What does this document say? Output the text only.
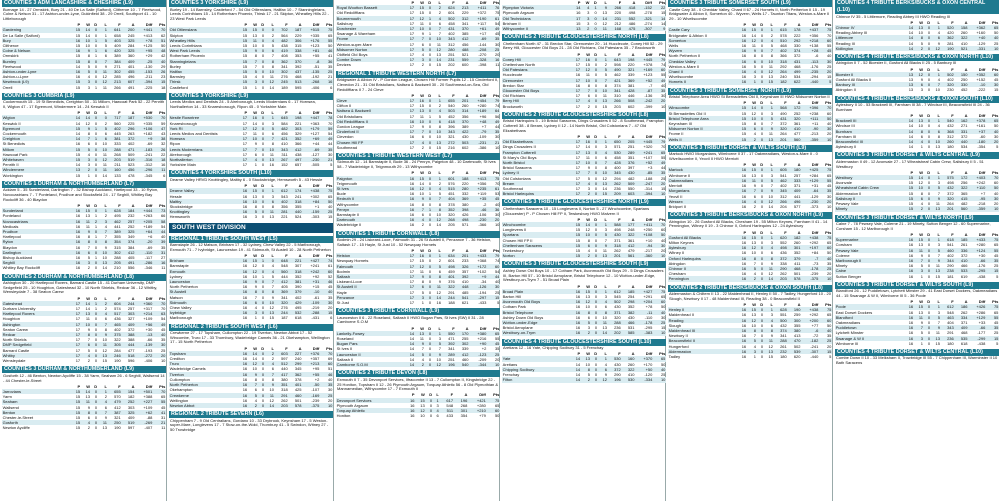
COUNTIES 3 ADM LANCASHIRE & CHESHIRE (L9)
Burnage 14 - 27 Ormskirk, Bury 21 - 40 De La Salle (Salford), Clitheroe 10 - 7 Fleetwood, Colne & Nelson 31 - 17 Ashton-under-Lyne, Dukinfield 38 - 29 Orrell, Southport 41 - 10 Littleborough
	P	W	D	L	F	A	Diff	Pts
Gardening	15	14	0	1	641	200	+441	70
De La Salle (Salford)	15	14	0	1	658	245	+413	62
Bury	16	10	1	5	403	325	+78	51
Clitheroe	15	10	0	5	409	284	+125	50
Colne & Nelson	16	9	1	6	420	325	+95	48
Ormskirk	15	8	1	6	389	360	+29	42
Burnley	15	8	0	7	384	409	-25	40
Fleetwood	14	5	0	9	271	401	-130	29
Ashton-under-Lyne	16	5	0	11	302	455	-153	26
Ashton-u-Lyne	16	4	0	12	285	496	-211	23
Newbrook (L9)	15	3	0	12	213	607	-394	15
Orrell	15	3	1	11	266	491	-225	18
COUNTIES 3 CUMBRIA (L9)
Cockermouth 15 - 19 St Benedicts, Creighton 50 - 31 Millom, Hawcoat Park 52 - 22 Penrith II, Wigton 47 - 17 Egremont, Windermere 14 - 24 Keswick II
	P	W	D	L	F	A	Diff	Pts
Wigton	14	14	0	0	717	187	+530	70
Keswick II	14	12	0	2	560	225	+335	59
Egremont	15	9	1	5	402	296	+106	47
Cockermouth	14	8	0	6	445	263	+182	43
Creighton	14	7	1	6	381	372	+9	38
St Benedicts	16	6	0	10	333	402	-69	32
Millom	15	5	0	10	288	471	-183	26
Hawcoat Park	15	4	0	11	268	509	-241	22
Whitehaven	15	3	0	12	203	519	-316	18
Penrith II	14	3	0	11	211	523	-312	16
Windermere	13	2	0	11	160	456	-296	11
Workington	15	1	0	14	133	478	-345	6
COUNTIES 1 DURHAM & NORTHUMBERLAND (L7)
Acklam 5 - 35 Sunderland, Darlington 7 - 32 Bishop Auckland, Hartlepool 33 - 10 Ryton, Novocastrians 7 - 7 Ponteland, Prudhoe and Stocksfield 24 - 17 Seghill, Whitley Bay Rockcliff 36 - 40 Blaydon
	P	W	D	L	F	A	Diff	Pts
Sunderland	16	15	0	1	628	184	+444	73
Ponteland	16	13	1	2	495	232	+263	66
Novocastrians	16	11	2	3	462	257	+205	58
Medicals	16	11	1	4	441	252	+189	54
Prudhoe	16	9	0	7	389	325	+64	44
Hartlepool	16	8	1	7	355	349	+6	40
Ryton	16	8	0	8	354	374	-20	39
Blaydon	16	7	0	9	315	384	-69	35
Darlington	16	6	0	10	302	412	-110	31
Bishop Auckland	16	5	1	10	288	405	-117	27
Seghill	16	3	0	13	205	491	-286	16
Whitley Bay Rockcliff	16	2	0	14	210	556	-346	11
COUNTIES 2 DURHAM & NORTHUMBERLAND (L8)
Ashington 30 - 20 Hartlepool Rovers, Barnard Castle 15 - 41 Durham University, DMP Sedgefield 25 - 10 Houghton, Gateshead 32 - 10 North Shields, Redcar 36 - 12 Whitby, Wensleydale 7 - 38 Seaton Carew
	P	W	D	L	F	A	Diff	Pts
Gateshead	17	14	1	2	604	244	+360	70
Durham University	17	14	1	2	574	257	+317	70
Hartlepool Rovers	17	13	0	4	517	303	+214	63
Houghton	17	11	0	6	436	327	+109	54
Ashington	17	10	0	7	465	409	+56	49
Seaton Carew	17	9	0	8	402	372	+30	45
Redcar	17	8	0	9	375	388	-13	40
North Shields	17	7	0	10	322	388	-66	35
DMP Sedgefield	17	6	0	11	305	444	-139	30
Barnard Castle	17	5	0	12	284	477	-193	25
Whitby	17	4	0	13	246	518	-272	20
Wensleydale	17	2	0	15	190	596	-406	10
COUNTIES 3 DURHAM & NORTHUMBERLAND (L9)
Gosforth 12 - 46 Benton, Newton Aycliffe 15 - 38 Yarm, Seaham 26 - 6 Seghill, Wallsend 14 - 44 Chester-le-Street
	P	W	D	L	F	A	Diff	Pts
Jarrovians	15	14	0	1	655	154	+501	70
Yarm	15	13	0	2	570	182	+388	65
Seaham	15	11	0	4	479	252	+227	55
Wallsend	15	9	0	6	412	303	+109	45
Benton	15	8	0	7	387	325	+62	41
Chester-le-Street	15	6	0	9	321	409	-88	31
Gosforth	15	4	0	11	250	519	-269	21
Newton Aycliffe	15	2	0	13	190	597	-407	11
COUNTIES 3 YORKSHIRE (L9)
Burley 19 - 14 Barnsley, Castleford 7 - 54 Old Otliensians, Hallfax 10 - 7 Stanningleians, Leeds Corinthians 15 - 14 Rotherham Phoenix, Thirsk 17 - 21 Skipton, Wheatley Hills 22 - 23 West Park Leeds
	P	W	D	L	F	A	Diff	Pts
Old Otliensians	15	15	0	0	702	187	+515	75
Skipton	15	13	0	2	564	229	+335	65
Wheatley Hills	15	11	0	4	482	306	+176	55
Leeds Corinthians	15	10	0	5	438	315	+123	50
West Park Leeds	15	9	0	6	419	338	+81	46
Rotherham Phoenix	15	8	0	7	408	353	+55	41
Stanningleians	15	7	0	8	362	370	-8	36
Burley	15	7	0	8	341	392	-51	35
Halifax	15	5	0	10	302	437	-135	25
Barnsley	15	4	0	11	276	468	-192	21
Thirsk	15	3	0	12	245	513	-268	16
Castleford	15	1	0	14	189	595	-406	6
COUNTIES 3 YORKSHIRE (L9)
Leeds Medics and Dentists 24 - 5 Aireborough, Leeds Modernians 6 - 17 Hornsea, Northallerton 14 - 33 Knaresborough, Ripon 45 - 0 Yorkshire Main
	P	W	D	L	F	A	Diff	Pts
Nestle Rowntree	17	16	0	1	645	198	+447	78
Knaresborough	17	14	0	3	584	221	+363	70
York RI	17	12	0	5	482	303	+179	59
Leeds Medics and Dentists	17	11	0	6	456	329	+127	54
Hornsea	17	10	0	7	421	352	+69	49
Ripon	17	9	0	8	410	366	+44	44
Leeds Modernians	17	7	0	10	343	412	-69	35
Aireborough	17	6	0	11	311	438	-127	30
Northallerton	17	4	0	13	267	497	-230	21
Yorkshire Main	17	1	0	16	152	657	-505	5
COUNTIES 4 YORKSHIRE SOUTH (L10)
Dearne Valley HRVD Knottingley, Maltby 6 - 0 Stocksbridge, Hemsworth 5 - 43 Hessle
	P	W	D	L	F	A	Diff	Pts
Dearne Valley	16	15	0	1	612	174	+438	75
Hessle	16	13	0	3	543	241	+302	65
Maltby	16	10	0	6	402	318	+84	50
Stocksbridge	16	8	0	8	356	355	+1	40
Knottingley	16	5	0	11	281	440	-159	25
Hemsworth	16	3	0	13	221	524	-303	15
SOUTH WEST DIVISION
REGIONAL 1 TRIBUTE SOUTH WEST (L5)
Barnstaple 26 - 12 Matson, Brixham 17 - 32 Lydney, Chew Valley 22 - 5 Marlborough, Exmouth 71 - 7 Ivybridge, Launceston 19 - 41 Sidmouth, St Austell 10 - 28 North Petherton
	P	W	D	L	F	A	Diff	Pts
Brixham	16	15	1	0	648	221	+427	74
Barnstaple	16	12	0	4	548	307	+241	61
Exmouth	16	12	0	4	560	318	+242	60
Lydney	16	10	1	5	444	352	+92	52
Launceston	16	9	0	7	412	381	+31	46
North Petherton	16	9	0	7	405	390	+15	45
St Austell	16	8	0	8	369	379	-10	40
Matson	16	7	0	9	341	402	-61	35
Sidmouth	16	6	0	10	320	429	-109	30
Chew Valley	16	4	0	12	276	495	-219	20
Ivybridge	16	3	0	13	244	532	-288	15
Marlborough	16	1	0	15	187	618	-431	6
REGIONAL 2 TRIBUTE SOUTH WEST (L6)
Crewkerne 27 - 17 Topsham, Cullompton 22 - 19 Tiverton, Newton Abbot 17 - 52 Wincombe, Truro 17 - 33 Thornbury, Wadebridge Camels 36 - 21 Okehampton, Wellington 17 - 15 North Petherton
	P	W	D	L	F	A	Diff	Pts
Topsham	16	14	0	2	603	227	+376	70
Crediton	16	14	0	2	597	240	+357	69
Truro	16	12	0	4	512	299	+213	60
Wadebridge Camels	16	10	0	6	440	345	+95	51
Tiverton	16	9	0	7	417	362	+55	46
Cullompton	16	8	0	8	380	378	+2	40
North Petherton	16	7	0	9	351	401	-50	35
Okehampton	16	6	0	10	318	425	-107	30
Crewkerne	16	5	0	11	291	460	-169	25
Wellington	16	4	0	12	262	501	-239	20
Newton Abbot	16	2	0	14	203	578	-375	10
REGIONAL 2 TRIBUTE SEVERN (L6)
Chippenham 7 - 9 Old Centralians, Gordano 10 - 33 Drybrook, Keynsham 17 - 5 Weston-super-Mare, Longlevens 17 - 7 Stow-on-the-Wold, Thornbury 41 - 5 Swindon, Witney 27 - 50 Trowbridge
	P	W	D	L	F	A	Diff	Pts
Royal Wootton Bassett	17	15	0	2	624	213	+411	76
Old Redcliffians	17	15	0	2	601	229	+372	75
Bournemouth	17	12	1	4	502	312	+190	61
Salisbury	17	11	0	6	458	341	+117	54
Dorchester	17	10	0	7	431	370	+61	49
Swanage & Wareham	17	9	1	7	402	385	+17	45
Frome	17	7	0	10	343	412	-69	35
Weston-super-Mare	17	6	0	11	312	456	-144	30
Midsomer Norton	17	5	0	12	280	488	-208	25
Oldfield Old Boys	17	4	0	13	251	521	-270	20
Combe Down	17	3	0	14	231	559	-328	16
Devizes	17	2	0	15	202	600	-398	11
REGIONAL 1 TRIBUTE WESTERN NORTH (L7)
Bridgwater & Albion IV - P Gordon League, Chosen Hill Former Pupils 12 - 15 Cinderford II, Clevedon 21 - 31 Old Bristolians, Nailsea & Backwell 30 - 20 Southmead-on-Sea, Old Redcliffians II 7 - 24 Cleve
	P	W	D	L	F	A	Diff	Pts
Cleve	17	16	0	1	655	201	+454	79
Clifton II	17	15	0	2	540	260	+280	74
Nailsea & Backwell	17	13	0	4	503	314	+189	64
Old Bristolians	17	11	1	5	452	356	+96	56
Old Redcliffians II	16	10	0	6	418	370	+48	49
Gordon League	17	9	0	8	396	389	+7	44
Cinderford II	17	7	0	10	343	422	-79	35
Clevedon	16	6	0	10	321	430	-109	30
Chosen Hill FP	17	4	0	13	272	503	-231	21
Southmead	17	2	0	15	216	602	-386	10
COUNTIES 1 TRIBUTE WESTERN WEST (L7)
Sidmouth 12 - 14 Barnstaple II, Bude 36 - 24 Penryn, Paignton 48 - 10 Dartmouth, St Ives 58 - 7 Wadebridge II, Teignmouth 29 - 13 Withycombe
	P	W	D	L	F	A	Diff	Pts
Paignton	16	15	0	1	601	188	+413	75
Teignmouth	16	14	0	2	576	220	+356	70
St Ives	16	12	0	4	515	280	+235	61
Bude	16	10	1	5	451	332	+119	53
Redruth II	16	9	0	7	404	369	+35	45
Withycombe	16	8	0	8	378	380	-2	40
Penryn	16	7	1	8	352	398	-46	36
Barnstaple II	16	6	0	10	320	426	-106	30
Dartmouth	16	4	0	12	268	498	-230	20
Wadebridge II	16	2	0	14	205	571	-366	10
COUNTIES 1 TRIBUTE CORNWALL (L8)
Bodmin 29 - 24 Liskeard-Looe, Falmouth 31 - 26 St Austell II, Penzance 7 - 36 Helston, Saltash 17 - 15 Hayle, St Just 10 - 52 Newquay Hornets
	P	W	D	L	F	A	Diff	Pts
Helston	17	16	0	1	634	201	+433	79
Newquay Hornets	17	15	0	2	601	233	+368	74
Falmouth	17	12	0	5	498	326	+172	60
Bodmin	17	11	0	6	459	357	+102	54
Saltash	17	9	0	8	401	392	+9	44
Liskeard-Looe	17	8	0	9	376	410	-34	40
St Austell II	17	6	0	11	322	448	-126	30
Hayle	17	5	0	12	291	485	-194	25
Penzance	17	3	0	14	244	541	-297	15
St Just	17	1	0	16	188	621	-433	5
COUNTIES 3 TRIBUTE CORNWALL (L9)
Launceston II 6 - 22 Roseland, Saltash II HWO Bugan Pars, St Ives (SW) II 31 - 28 Camborne S.O.M
	P	W	D	L	F	A	Diff	Pts
Lankelly-Fowey	14	13	0	1	550	170	+380	65
Roseland	14	11	0	3	471	255	+216	55
Bugan Pars	14	9	0	5	392	302	+90	45
St Ives II	14	7	0	7	341	339	+2	35
Launceston II	14	5	0	9	289	412	-123	25
Saltash II	14	4	0	10	251	460	-209	20
Camborne S.O.M	14	2	0	12	196	540	-344	10
COUNTIES 2 TRIBUTE DEVON (L8)
Exmouth II 7 - 35 Devonport Services, Ilfracombe II 13 - 7 Cullompton II, Kingsbridge 22 - 25 Honiton, Topsham II 12 - 26 Plymouth Argaum, Torquay Athletic 56 - 8 Old Plymothian & Mannamedian, Withycombe 17 - 7 Exmouth II
	P	W	D	L	F	A	Diff	Pts
Devonport Services	16	15	0	1	617	196	+421	75
Plymouth Argaum	16	13	0	3	548	268	+280	65
Torquay Athletic	16	12	0	4	511	301	+210	60
Honiton	16	10	0	6	433	354	+79	50
	P	W	D	L	F	A	Diff	Pts
Plympton Victoria	14	4	1	9	266	418	-152	22
Plymouth Argaum	16	3	0	13	220	498	-278	15
Old Technicians	17	3	0	14	231	552	-321	14
Brixham II	15	3	0	12	212	486	-274	14
Withycombe II	13	2	0	11	168	475	-307	9
COUNTIES 2 TRIBUTE GLOUCESTERSHIRE NORTH (L8)
Cheltenham North 47 - 31 Bredon Star, Cirencester 20 - 14 Hucclecote, Coney Hill 52 - 29 Berry Hill, Gloucester Old Boys 21 - 28 Old Richians, Old Patesians 35 - 7 Brockworth
	P	W	D	L	F	A	Diff	Pts
Coney Hill	17	16	0	1	643	198	+445	79
Cheltenham North	17	15	0	2	598	220	+378	74
Old Patesians	17	12	0	5	490	321	+169	60
Hucclecote	16	11	0	5	462	339	+123	55
Cirencester	17	10	0	7	421	369	+52	49
Bredon Star	16	8	0	8	374	381	-7	40
Gloucester Old Boys	17	7	0	10	341	428	-87	35
Old Richians	17	6	0	11	310	446	-136	30
Berry Hill	17	4	0	13	266	508	-242	20
Brockworth	17	2	0	15	203	602	-399	10
COUNTIES 2 TRIBUTE GLOUCESTERSHIRE SOUTH (L8)
Bristol Harlequins 5 - 19 Bristol Saracens, Dings Crusaders II 52 - 8 Southmead, Frampton Cotterell 38 - 8 Bream, Lydney II 12 - 14 North Bristol, Old Colstonians 7 - 47 Old Elizabethans
	P	W	D	L	F	A	Diff	Pts
Old Elizabethans	17	16	0	1	650	205	+445	79
Dings Crusaders II	17	14	0	3	571	251	+320	70
Frampton Cotterell	17	13	0	4	530	289	+241	65
St Mary's Old Boys	17	11	0	6	458	351	+107	55
North Bristol	17	10	0	7	428	376	+52	49
Bristol Saracens	17	9	0	8	400	397	+3	44
Lydney II	17	7	0	10	345	430	-85	35
Old Colstonians	17	5	0	12	294	482	-188	25
Bream	17	4	0	13	262	509	-247	20
Southmead	17	3	0	14	236	550	-314	15
Bristol Harlequins	17	2	0	15	209	603	-394	10
COUNTIES 3 TRIBUTE GLOUCESTERSHIRE NORTH (L9)
Cheltenham Saracens 10 - 15 Longlevens II, Norton 5 - 27 Winchcombe, Spartans (Gloucester) P - P Chosen Hill FP II, Tewkesbury HWO Malvern II
	P	W	D	L	F	A	Diff	Pts
Winchcombe	15	14	0	1	588	177	+411	70
Longlevens II	15	12	0	3	498	248	+250	60
Spartans	15	10	0	5	430	322	+108	50
Chosen Hill FP II	15	8	0	7	371	361	+10	40
Cheltenham Saracens	15	6	0	9	318	412	-94	30
Tewkesbury	15	4	0	11	262	479	-217	20
Norton	15	2	0	13	201	561	-360	10
COUNTIES 3 TRIBUTE GLOUCESTERSHIRE SOUTH (L9)
Ashley Down Old Boys 10 - 17 Cotham Park, Avonmouth Old Boys 29 - 5 Dings Crusaders III, Barton Hill 57 - 10 Bristol Aeroplane, Bristol Telephone 12 - 10 Wotton-under-Edge, Westbury-on-Trym 7 - 51 Broad Plain
	P	W	D	L	F	A	Diff	Pts
Broad Plain	16	15	0	1	612	185	+427	75
Barton Hill	16	13	0	3	545	254	+291	65
Avonmouth Old Boys	16	12	0	4	502	298	+204	60
Cotham Park	16	10	0	6	430	352	+78	50
Bristol Telephone	16	8	0	8	371	382	-11	40
Ashley Down Old Boys	16	6	0	10	320	430	-110	30
Wotton-under-Edge	16	5	0	11	288	466	-178	25
Bristol Aeroplane	16	3	0	13	236	531	-295	15
Westbury-on-Trym	16	2	0	14	202	585	-383	10
COUNTIES 4 TRIBUTE GLOUCESTERSHIRE SOUTH (L10)
Aretians 12 - 16 Yate, Chipping Sodbury 31 - 5 Frenchay
	P	W	D	L	F	A	Diff	Pts
Yate	14	13	0	1	530	160	+370	65
Aretians	14	10	0	4	430	260	+170	50
Chipping Sodbury	14	8	0	6	372	322	+50	40
Frenchay	14	5	0	9	290	410	-120	25
Filton	14	2	0	12	196	530	-334	10
COUNTIES 3 TRIBUTE SOMERSET SOUTH (L9)
Castle Cary 38 - 0 Cheddar Valley, Chard II 67 - 24 Hornets II, North Petherton II 15 - 19 Bridgwater & Albion II, Somerton 40 - Wyvern, Wells 17 - Taunton Titans, Weston-s-Mare II 29 - 10 Wiveliscombe
	P	W	D	L	F	A	Diff	Pts
Castle Cary	16	15	0	1	615	178	+437	75
Bridgwater & Albion II	16	14	0	2	578	222	+356	70
Somerton	16	12	0	4	510	292	+218	60
Wells	16	11	0	5	468	330	+138	55
Wyvern	16	9	0	7	402	374	+28	45
North Petherton II	16	8	0	8	366	372	-6	40
Cheddar Valley	16	6	0	10	318	431	-113	30
Weston-s-Mare II	16	5	0	11	292	468	-176	25
Chard II	16	4	0	12	264	499	-235	20
Wiveliscombe	16	3	0	13	240	534	-294	15
Hornets II	16	1	0	15	182	622	-440	5
COUNTIES 3 TRIBUTE SOMERSET NORTH (L9)
Bristol Telephone Area HWO St Bernadettes Old II, Keynsham III HWO Midsomer Norton II
	P	W	D	L	F	A	Diff	Pts
Winscombe	15	14	0	1	568	172	+396	70
St Bernadettes Old II	15	12	0	3	490	252	+238	60
Bristol Telephone Area	15	10	0	5	431	320	+111	50
Keynsham III	15	8	0	7	372	361	+11	40
Midsomer Norton II	15	6	0	9	320	410	-90	30
Frome II	15	4	0	11	264	477	-213	20
Wells II	15	2	0	13	201	560	-359	10
COUNTIES 3 TRIBUTE DORSET & WILTS SOUTH (L9)
Martock HWO Morganians, Wimborne II 37 - 17 Oakmeadians, Weston-s-Mare II - 0 Wiveliscombe II, Yeovil II HWO Merriott
	P	W	D	L	F	A	Diff	Pts
Martock	16	15	0	1	605	180	+425	75
Wimborne II	16	13	0	3	541	257	+284	65
Oakmeadians	16	11	0	5	462	333	+129	55
Merriott	16	9	0	7	402	371	+31	45
Morganians	16	7	0	9	345	409	-64	35
Yeovil II	16	6	0	10	312	441	-129	30
Wessex	16	4	0	12	266	496	-230	20
Bridport II	16	2	0	14	204	577	-373	10
COUNTIES 3 TRIBUTE BERKS/BUCKS & OXON NORTH (L9)
Abingdon 10 - 26 Gosford All Blacks, Chesham 19 - 55 Milton Keynes, Farnham II 41 - 14 Pennington, Witney II 19 - 3 Chinnor II, Oxford Harlequins 12 - 24 Aylesbury
	P	W	D	L	F	A	Diff	Pts
Gosford All Blacks	16	15	0	1	620	182	+438	75
Milton Keynes	16	13	0	3	552	260	+292	65
Aylesbury	16	12	0	4	498	301	+197	60
Witney II	16	10	0	6	436	352	+84	50
Oxford Harlequins	16	8	0	8	372	379	-7	40
Abingdon	16	7	0	9	338	411	-73	35
Chinnor II	16	5	0	11	290	468	-178	25
Chesham	16	4	0	12	262	501	-239	20
Pennington	16	2	0	14	203	578	-375	10
COUNTIES 2 TRIBUTE BERKS/BUCKS & OXON SOUTH (L8)
Aldermaston & Chiltern II 13 - 22 Maidenhead II, Henley II 50 - 7 Tadley, Hungerford 10 - 20 Slough, Newbury II 17 - 48 Maidenhead III, Reading 38 - 0 Beaconsfield II
	P	W	D	L	F	A	Diff	Pts
Henley II	16	15	0	1	628	190	+438	75
Maidenhead II	16	13	0	3	551	259	+292	65
Reading	16	12	0	4	500	300	+200	60
Slough	16	10	0	6	432	355	+77	50
Maidenhead III	16	8	0	8	374	380	-6	40
Newbury II	16	7	0	9	341	413	-72	35
Beaconsfield II	16	5	0	11	288	470	-182	25
Hungerford	16	4	0	12	261	502	-241	20
Aldermaston	16	3	0	13	232	539	-307	15
Tadley	16	1	0	15	180	620	-440	5
COUNTIES 4 TRIBUTE BERKS/BUCKS & OXON CENTRAL (L10)
Chinnor IV 35 - 5 Littlemore, Reading Abbey III HWO Reading III
	P	W	D	L	F	A	Diff	Pts
Chinnor IV	14	13	0	1	520	158	+362	65
Reading Abbey III	14	10	0	4	420	260	+160	50
Littlemore	14	8	0	6	362	322	+40	40
Reading III	14	5	0	9	281	410	-129	25
Kidlington	14	2	0	12	190	521	-331	10
COUNTIES 4 TRIBUTE BERKS/BUCKS & OXON NORTH (L10)
Abingdon II 7 - 52 Bicester II, Gosford All Blacks II 25 - 5 Banbury III
	P	W	D	L	F	A	Diff	Pts
Bicester II	13	12	0	1	502	150	+352	60
Gosford All Blacks II	13	9	0	4	402	250	+152	45
Banbury III	13	6	0	7	320	330	-10	30
Abingdon II	13	3	0	10	230	452	-222	15
COUNTIES 4 TRIBUTE BERKS/BUCKS & OXON SOUTH (L10)
Aylesbury II 10 - 53 Bracknell III, Farnham III 38 - 7 Windsor III, Beaconsfield III 24 - 36 Burnham
	P	W	D	L	F	A	Diff	Pts
Bracknell III	14	13	0	1	540	162	+378	65
Windsor III	14	10	0	4	432	271	+161	50
Burnham	14	8	0	6	368	331	+37	40
Farnham III	14	6	0	8	312	372	-60	30
Beaconsfield III	14	4	0	10	260	440	-180	20
Aylesbury II	14	1	0	13	180	534	-354	5
COUNTIES 3 TRIBUTE DORSET & WILTS CENTRAL (L9)
Aldermaston II 49 - 12 Avonvale 27 - 17 Wheatsheaf Cabin Crew, Salisbury II 5 - 51 Westbury
	P	W	D	L	F	A	Diff	Pts
Westbury	15	14	0	1	575	172	+403	70
Avonvale	15	12	0	3	498	256	+242	60
Wheatsheaf Cabin Crew	15	10	0	5	432	322	+110	50
Aldermaston II	15	8	0	7	372	365	+7	40
Salisbury II	15	6	0	9	320	415	-95	30
Pewsey Vale	15	4	0	11	264	482	-218	20
Minety	15	2	0	13	201	560	-359	10
COUNTIES 3 TRIBUTE DORSET & WILTS NORTH (L9)
Calne 7 - 78 Pewsey Vale, Colerne 21 - 19 Minety, Sutton Benger 12 - 60 Supermarine, Corsham 15 - 12 Marlborough II
	P	W	D	L	F	A	Diff	Pts
Supermarine	16	15	0	1	618	185	+433	75
Corsham	16	13	0	3	541	261	+280	65
Pewsey Vale	16	11	0	5	460	336	+124	55
Colerne	16	9	0	7	402	372	+30	45
Marlborough II	16	7	0	9	344	410	-66	35
Minety	16	5	0	11	290	466	-176	25
Calne	16	3	0	13	238	533	-295	15
Sutton Benger	16	1	0	15	181	619	-438	5
COUNTIES 3 TRIBUTE DORSET & WILTS SOUTH (L9)
Blandford 26 - 12 Puddletown, Lytchett Minster 29 - 41 East Dorset Dockers, Oakmeadians 44 - 15 Swanage & W II, Wimborne III 5 - 36 Poole
	P	W	D	L	F	A	Diff	Pts
Poole	16	15	0	1	612	186	+426	75
East Dorset Dockers	16	13	0	3	548	262	+286	65
Blandford	16	11	0	5	463	334	+129	55
Oakmeadians	16	9	0	7	404	371	+33	45
Puddletown	16	7	0	9	343	409	-66	35
Lytchett Minster	16	5	0	11	291	468	-177	25
Swanage & W II	16	3	0	13	236	535	-299	15
Wimborne III	16	1	0	15	180	618	-438	5
COUNTIES 4 TRIBUTE DORSET & WILTS CENTRAL (L10)
Combe Down II 10 - 33 Melksham II, Trowbridge III 55 - 7 Chippenham III, Warminster II 10 Bath Saracens
